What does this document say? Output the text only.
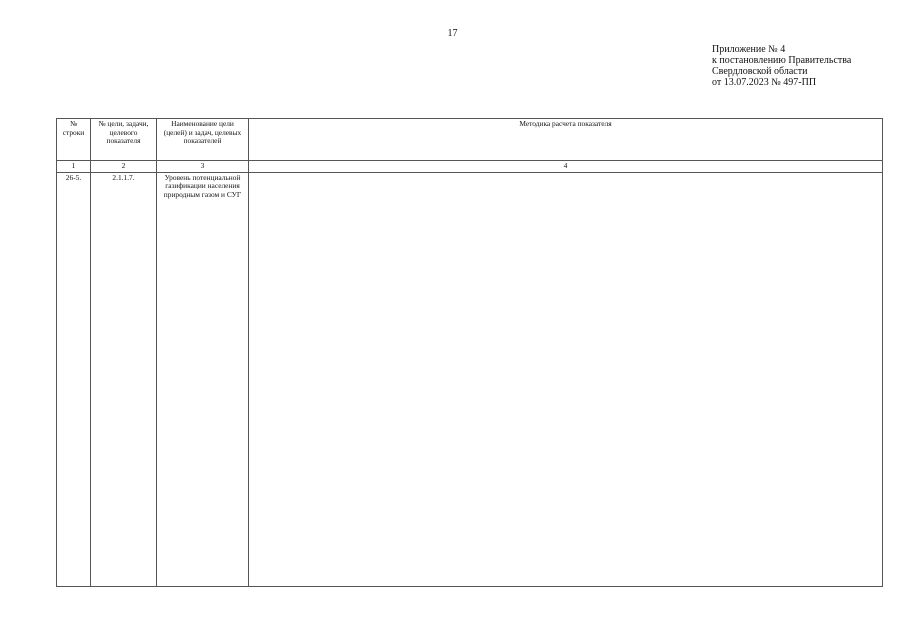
17
Приложение № 4
к постановлению Правительства
Свердловской области
от 13.07.2023 № 497-ПП
№ строки	№ цели, задачи, целевого показателя	Наименование цели (целей) и задач, целевых показателей	Методика расчета показателя
1	2	3	4
26-5.	2.1.1.7.	Уровень потенциальной газификации населения природным газом и СУГ	
